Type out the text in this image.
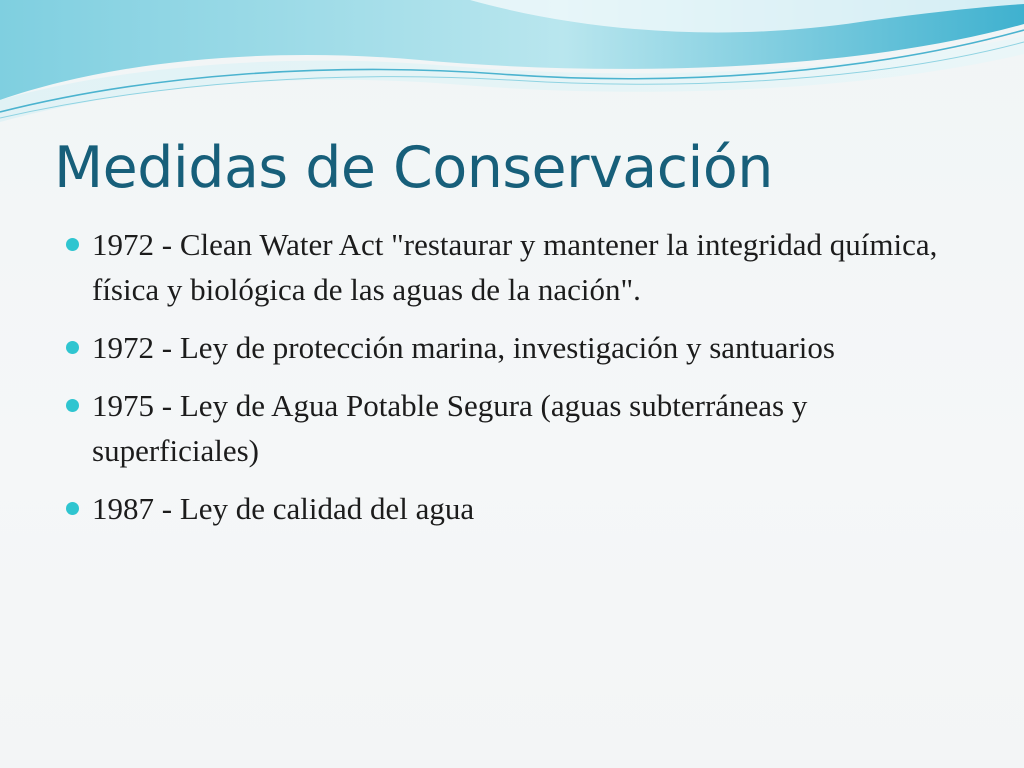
Medidas de Conservación
1972 - Clean Water Act "restaurar y mantener la integridad química, física y biológica de las aguas de la nación".
1972 - Ley de protección marina, investigación y santuarios
1975 - Ley de Agua Potable Segura (aguas subterráneas y superficiales)
1987 - Ley de calidad del agua
